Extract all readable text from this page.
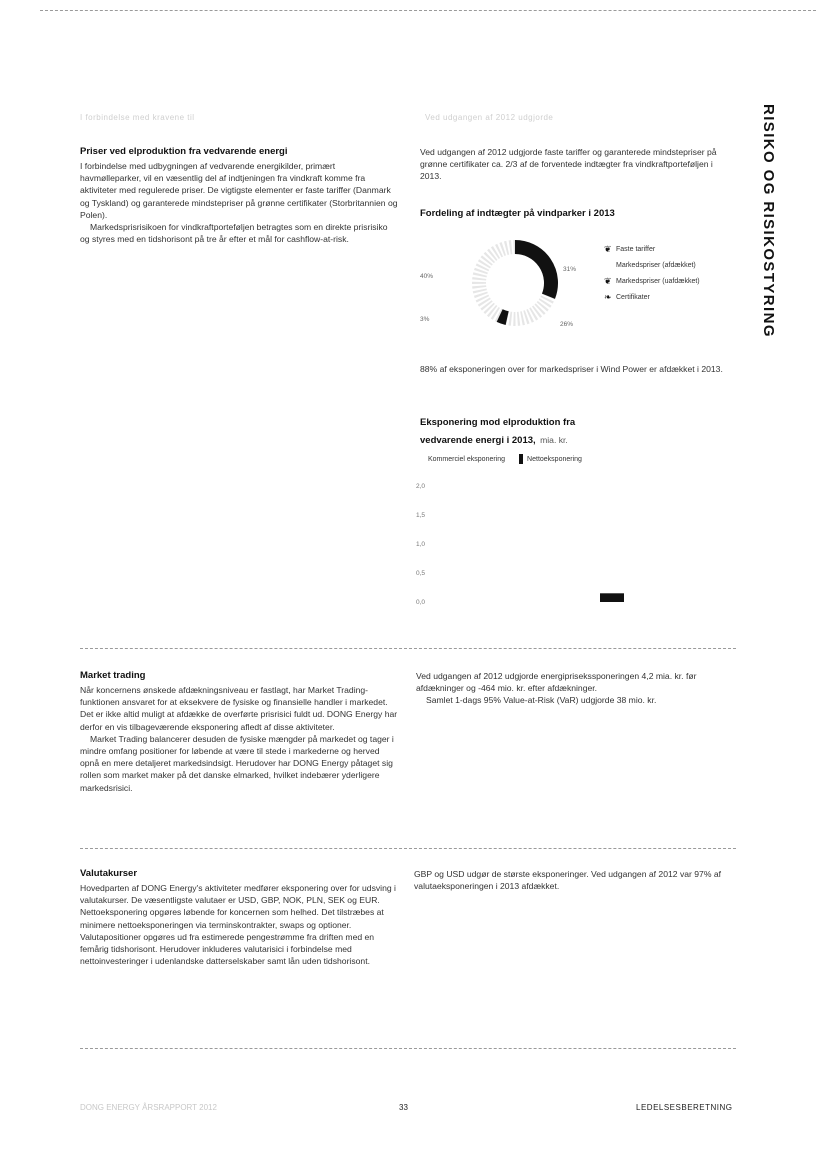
RISIKO OG RISIKOSTYRING
I forbindelse med kravene til	Ved udgangen af 2012 udgjorde
Priser ved elproduktion fra vedvarende energi

I forbindelse med udbygningen af vedvarende energikilder, primært havmølleparker, vil en væsentlig del af indtjeningen fra vindkraft komme fra aktiviteter med regulerede priser. De vigtigste elementer er faste tariffer (Danmark og Tyskland) og garanterede mindstepriser på grønne certifikater (Storbritannien og Polen).

Markedsprisrisikoen for vindkraftporteføljen betragtes som en direkte prisrisiko og styres med en tidshorisont på tre år efter et mål for cashflow-at-risk.

Ved udgangen af 2012 udgjorde faste tariffer og garanterede mindstepriser på grønne certifikater ca. 2/3 af de forventede indtægter fra vindkraftporteføljen i 2013.

Fordeling af indtægter på vindparker i 2013
31%
26%
3%
40%
❦ Faste tariffer
Markedspriser (afdækket)
❦ Markedspriser (uafdækket)
❧ Certifikater

88% af eksponeringen over for markedspriser i Wind Power er afdækket i 2013.

Eksponering mod elproduktion fra vedvarende energi i 2013, mia. kr.
Kommerciel eksponering	Nettoeksponering
2,0
1,5
1,0
0,5
0,0
Market trading

Når koncernens ønskede afdækningsniveau er fastlagt, har Market Trading-funktionen ansvaret for at eksekvere de fysiske og finansielle handler i markedet. Det er ikke altid muligt at afdække de overførte prisrisici fuldt ud. DONG Energy har derfor en vis tilbageværende eksponering afledt af disse aktiviteter.

Market Trading balancerer desuden de fysiske mængder på markedet og tager i mindre omfang positioner for løbende at være til stede i markederne og herved opnå en mere detaljeret markedsindsigt. Herudover har DONG Energy påtaget sig rollen som market maker på det danske elmarked, hvilket indebærer yderligere markedsrisici.

Ved udgangen af 2012 udgjorde energiprisekssponeringen 4,2 mia. kr. før afdækninger og -464 mio. kr. efter afdækninger.

Samlet 1-dags 95% Value-at-Risk (VaR) udgjorde 38 mio. kr.

Valutakurser

Hovedparten af DONG Energy's aktiviteter medfører eksponering over for udsving i valutakurser. De væsentligste valutaer er USD, GBP, NOK, PLN, SEK og EUR. Nettoeksponering opgøres løbende for koncernen som helhed. Det tilstræbes at minimere nettoeksponeringen via terminskontrakter, swaps og optioner. Valutapositioner opgøres ud fra estimerede pengestrømme fra driften med en femårig tidshorisont. Herudover inkluderes valutarisici i forbindelse med nettoinvesteringer i udenlandske datterselskaber samt lån uden tidshorisont.

GBP og USD udgør de største eksponeringer. Ved udgangen af 2012 var 97% af valutaeksponeringen i 2013 afdækket.

DONG ENERGY ÅRSRAPPORT 2012	33	LEDELSESBERETNING
